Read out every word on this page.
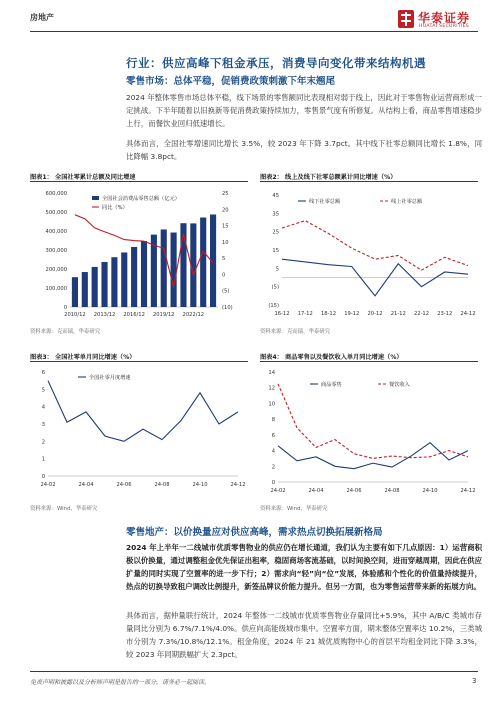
房地产	华泰证券
HUATAI SECURITIES
行业：供应高峰下租金承压，消费导向变化带来结构机遇
零售市场：总体平稳，促销费政策刺激下年末翘尾
2024 年整体零售市场总体平稳，线下场景的零售额同比表现相对弱于线上，因此对于零售物业运营商形成一定挑战。下半年随着以旧换新等促消费政策持续加力，零售景气度有所修复。从结构上看，商品零售增速稳步上行，而餐饮业回归低速增长。
具体而言，全国社零增速同比增长 3.5%，较 2023 年下降 3.7pct。其中线下社零总额同比增长 1.8%，同比降幅 3.8pct。
图表1： 全国社零累计总额及同比增速
0
100,000
200,000
300,000
400,000
500,000
600,000
(10)
(5)
0
5
10
15
20
25
2010/12 2013/12 2016/12 2019/12 2022/12
全国社会消费品零售总额（亿元）
同比（%）
资料来源：克而瑞，华泰研究
图表2： 线上及线下社零总额累计同比增速（%）
(15)
(5)
5
15
25
35
45
16-12 17-12 18-12 19-12 20-12 21-12 22-12 23-12 24-12
线下社零总额	线上社零总额
资料来源：克而瑞，华泰研究
图表3： 全国社零单月同比增速（%）
0
1
2
3
4
5
6
24-02	24-04	24-06	24-08	24-10	24-12
全国社零月度增速
资料来源：Wind，华泰研究
图表4： 商品零售以及餐饮收入单月同比增速（%）
0
2
4
6
8
10
12
14
24-02	24-04	24-06	24-08	24-10	24-12
商品零售	餐饮收入
资料来源：Wind，华泰研究
零售地产：以价换量应对供应高峰，需求热点切换拓展新格局
2024 年上半年一二线城市优质零售物业的供应仍在增长通道，我们认为主要有如下几点原因：1）运营商积极以价换量，通过调整租金优先保证出租率，稳固商场客流基础，以时间换空间，进而穿越周期，因此在供应扩量的同时实现了空置率的进一步下行；2）需求向“轻”向“位”发展，体验感和个性化的价值量持续提升，热点的切换导致租户调改比例提升，新签品牌议价能力提升。但另一方面，也为零售运营带来新的拓展方向。
具体而言，据仲量联行统计，2024 年整体一二线城市优质零售物业存量同比+5.9%，其中 A/B/C 类城市存量同比分别为 6.7%/7.1%/4.0%。供应向高能级城市集中。空置率方面，期末整体空置率达 10.2%，三类城市分别为 7.3%/10.8%/12.1%。租金角度，2024 年 21 城优质购物中心的首层平均租金同比下降 3.3%，较 2023 年同期跌幅扩大 2.3pct。
免责声明和披露以及分析师声明是报告的一部分，请务必一起阅读。	3
